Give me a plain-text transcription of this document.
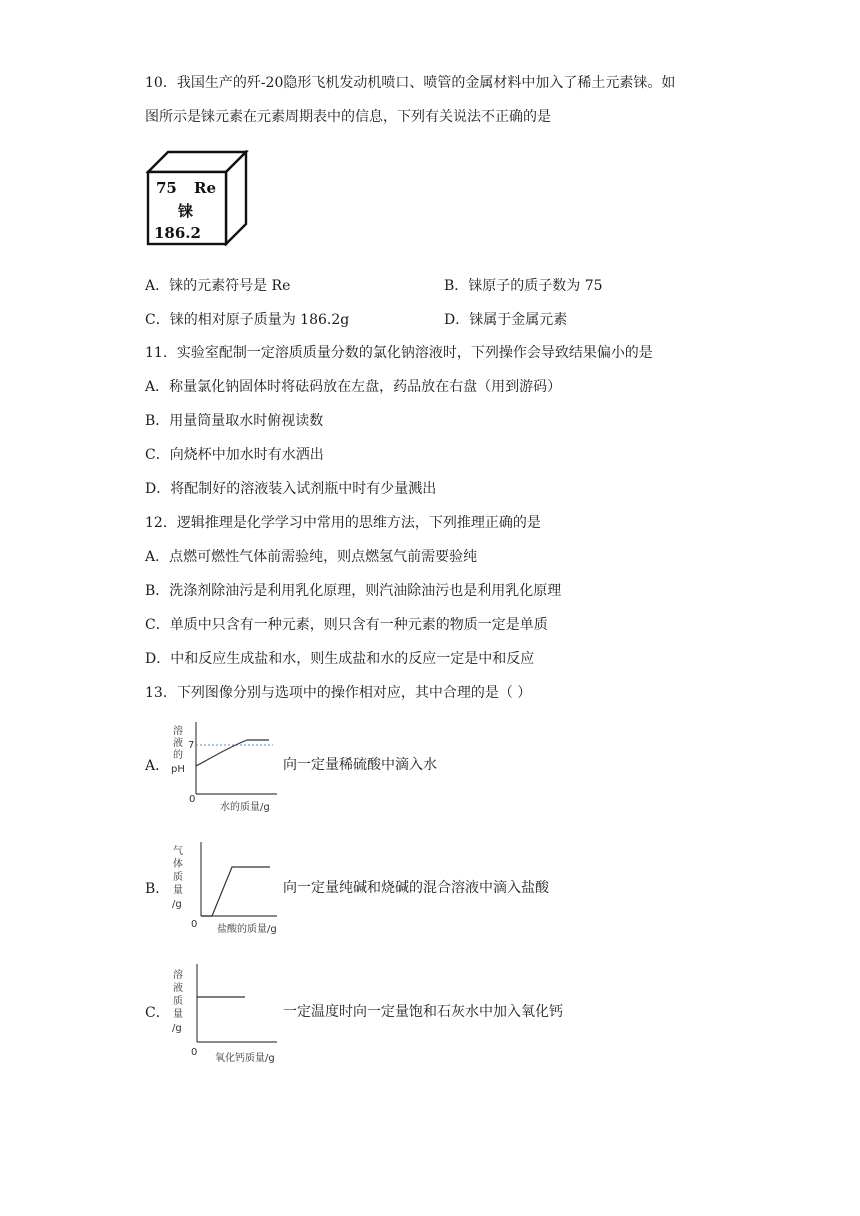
10．我国生产的歼-20隐形飞机发动机喷口、喷管的金属材料中加入了稀土元素铼。如
图所示是铼元素在元素周期表中的信息，下列有关说法不正确的是
75 Re
铼
186.2
A．铼的元素符号是 Re	B．铼原子的质子数为 75
C．铼的相对原子质量为 186.2g	D．铼属于金属元素
11．实验室配制一定溶质质量分数的氯化钠溶液时，下列操作会导致结果偏小的是
A．称量氯化钠固体时将砝码放在左盘，药品放在右盘（用到游码）
B．用量筒量取水时俯视读数
C．向烧杯中加水时有水洒出
D．将配制好的溶液装入试剂瓶中时有少量溅出
12．逻辑推理是化学学习中常用的思维方法，下列推理正确的是
A．点燃可燃性气体前需验纯，则点燃氢气前需要验纯
B．洗涤剂除油污是利用乳化原理，则汽油除油污也是利用乳化原理
C．单质中只含有一种元素，则只含有一种元素的物质一定是单质
D．中和反应生成盐和水，则生成盐和水的反应一定是中和反应
13．下列图像分别与选项中的操作相对应，其中合理的是（ ）
A．
溶
液
的
pH
0
7
水的质量/g
向一定量稀硫酸中滴入水
B．
气
体
质
量
/g
0 盐酸的质量/g
向一定量纯碱和烧碱的混合溶液中滴入盐酸
C．
溶
液
质
量
/g
0
氧化钙质量/g
一定温度时向一定量饱和石灰水中加入氧化钙
